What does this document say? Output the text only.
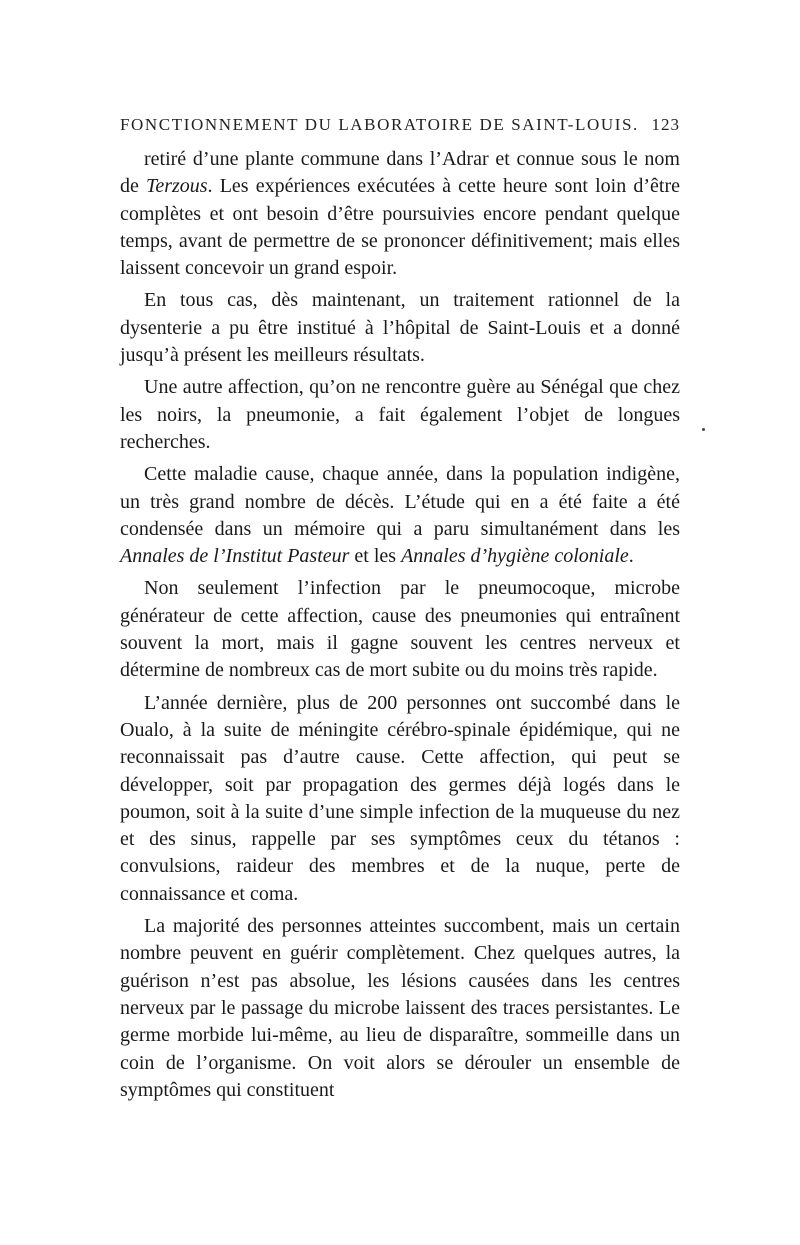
FONCTIONNEMENT DU LABORATOIRE DE SAINT-LOUIS. 123

retiré d’une plante commune dans l’Adrar et connue sous le nom de Terzous. Les expériences exécutées à cette heure sont loin d’être complètes et ont besoin d’être poursuivies encore pendant quelque temps, avant de permettre de se prononcer définitivement; mais elles laissent concevoir un grand espoir.

En tous cas, dès maintenant, un traitement rationnel de la dysenterie a pu être institué à l’hôpital de Saint-Louis et a donné jusqu’à présent les meilleurs résultats.

Une autre affection, qu’on ne rencontre guère au Sénégal que chez les noirs, la pneumonie, a fait également l’objet de longues recherches.

Cette maladie cause, chaque année, dans la population indigène, un très grand nombre de décès. L’étude qui en a été faite a été condensée dans un mémoire qui a paru simultanément dans les Annales de l’Institut Pasteur et les Annales d’hygiène coloniale.

Non seulement l’infection par le pneumocoque, microbe générateur de cette affection, cause des pneumonies qui entraînent souvent la mort, mais il gagne souvent les centres nerveux et détermine de nombreux cas de mort subite ou du moins très rapide.

L’année dernière, plus de 200 personnes ont succombé dans le Oualo, à la suite de méningite cérébro-spinale épidémique, qui ne reconnaissait pas d’autre cause. Cette affection, qui peut se développer, soit par propagation des germes déjà logés dans le poumon, soit à la suite d’une simple infection de la muqueuse du nez et des sinus, rappelle par ses symptômes ceux du tétanos : convulsions, raideur des membres et de la nuque, perte de connaissance et coma.

La majorité des personnes atteintes succombent, mais un certain nombre peuvent en guérir complètement. Chez quelques autres, la guérison n’est pas absolue, les lésions causées dans les centres nerveux par le passage du microbe laissent des traces persistantes. Le germe morbide lui-même, au lieu de disparaître, sommeille dans un coin de l’organisme. On voit alors se dérouler un ensemble de symptômes qui constituent
